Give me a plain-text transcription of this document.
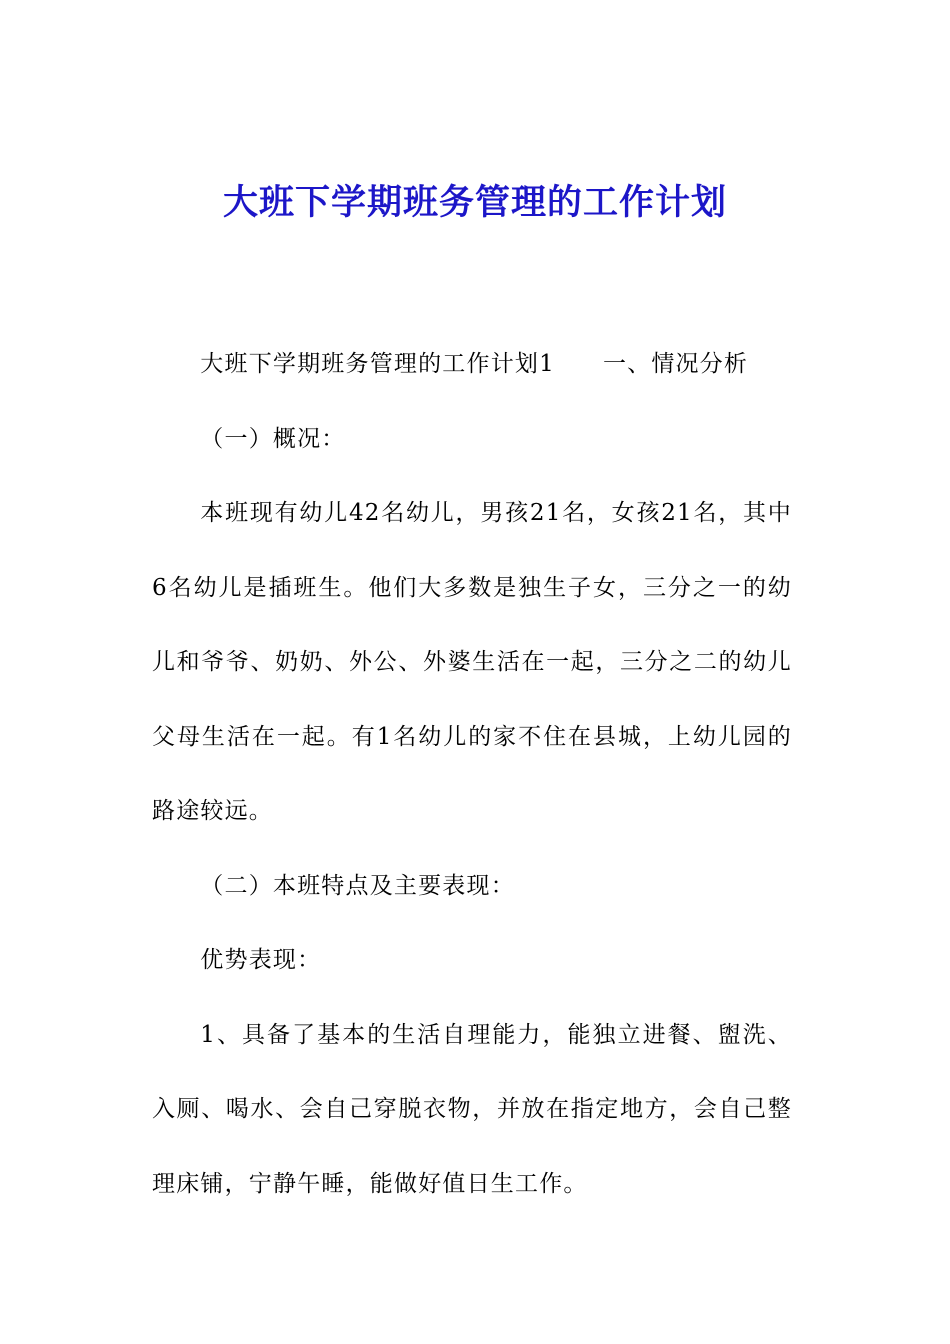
大班下学期班务管理的工作计划

大班下学期班务管理的工作计划1 一、情况分析

（一）概况：

本班现有幼儿42名幼儿，男孩21名，女孩21名，其中6名幼儿是插班生。他们大多数是独生子女，三分之一的幼儿和爷爷、奶奶、外公、外婆生活在一起，三分之二的幼儿父母生活在一起。有1名幼儿的家不住在县城，上幼儿园的路途较远。

（二）本班特点及主要表现：

优势表现：

1、具备了基本的生活自理能力，能独立进餐、盥洗、入厕、喝水、会自己穿脱衣物，并放在指定地方，会自己整理床铺，宁静午睡，能做好值日生工作。
